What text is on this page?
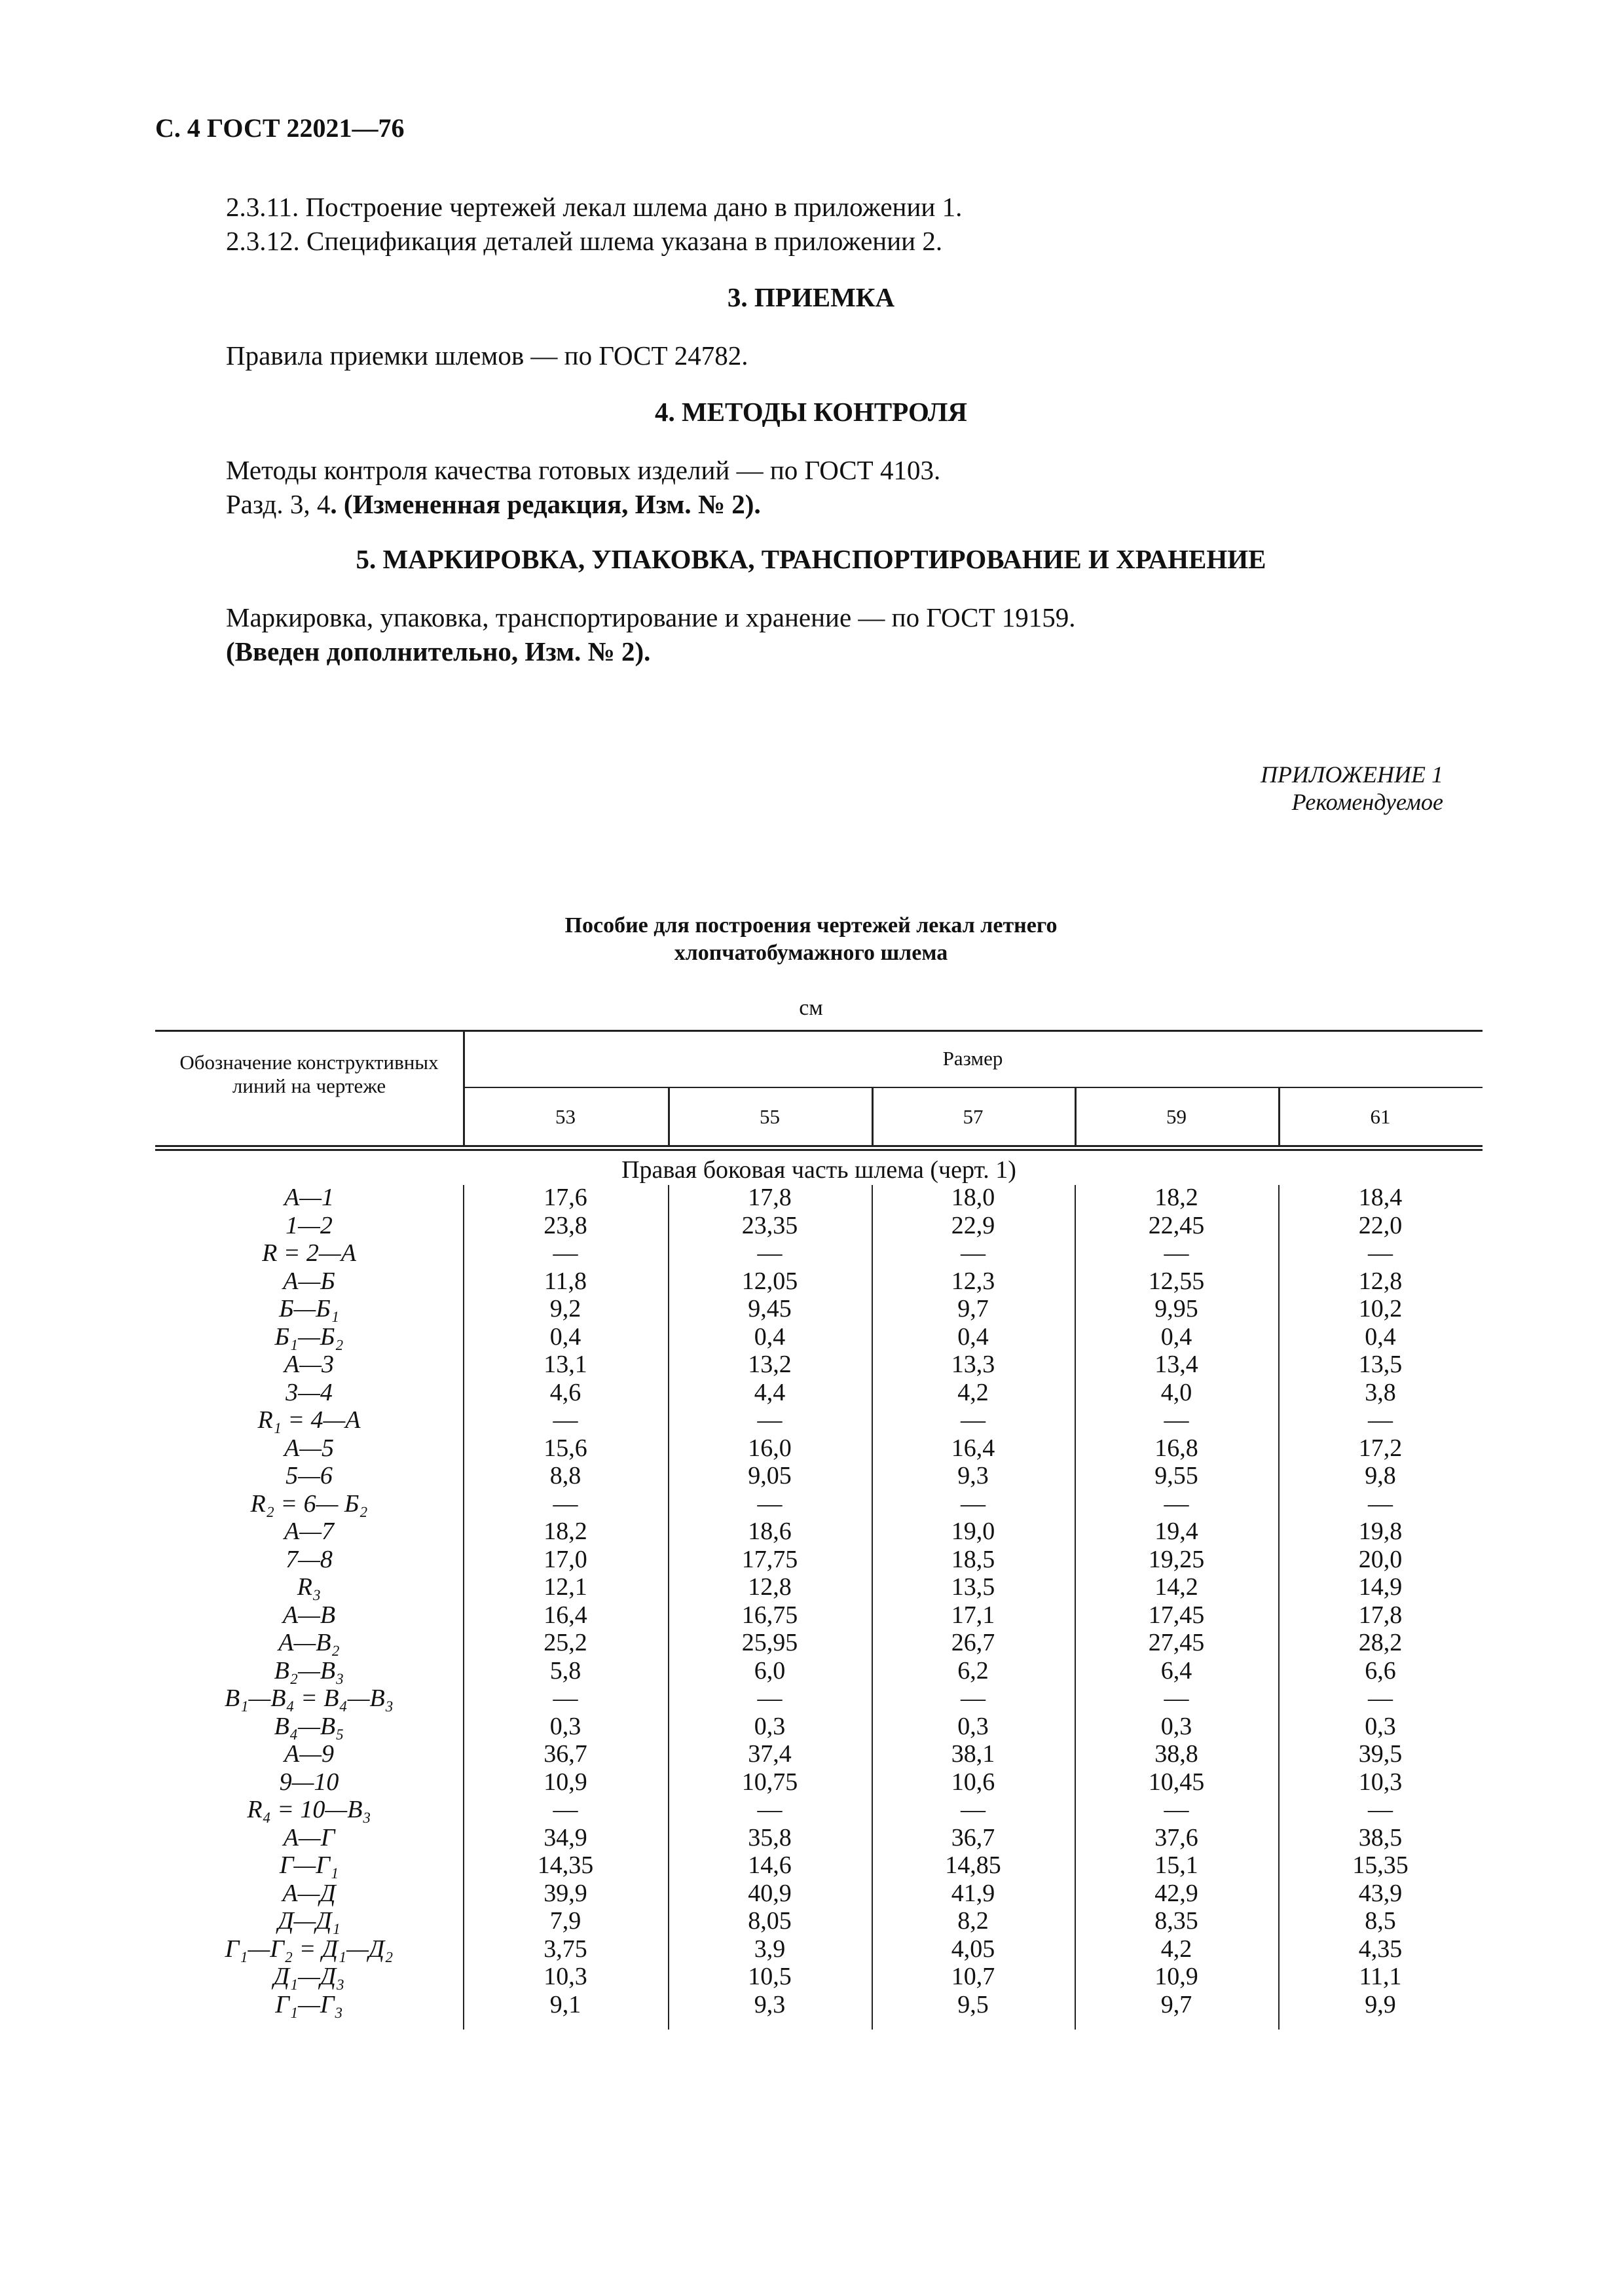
С. 4 ГОСТ 22021—76

2.3.11. Построение чертежей лекал шлема дано в приложении 1.

2.3.12. Спецификация деталей шлема указана в приложении 2.

3. ПРИЕМКА

Правила приемки шлемов — по ГОСТ 24782.

4. МЕТОДЫ КОНТРОЛЯ

Методы контроля качества готовых изделий — по ГОСТ 4103.

Разд. 3, 4. (Измененная редакция, Изм. № 2).

5. МАРКИРОВКА, УПАКОВКА, ТРАНСПОРТИРОВАНИЕ И ХРАНЕНИЕ

Маркировка, упаковка, транспортирование и хранение — по ГОСТ 19159.

(Введен дополнительно, Изм. № 2).

ПРИЛОЖЕНИЕ 1
Рекомендуемое
Пособие для построения чертежей лекал летнего
хлопчатобумажного шлема
см
Обозначение конструктивных линий на чертеже
Размер
53	55	57	59	61
Правая боковая часть шлема (черт. 1)
А—1	17,6	17,8	18,0	18,2	18,4
1—2	23,8	23,35	22,9	22,45	22,0
R = 2—A	—	—	—	—	—
А—Б	11,8	12,05	12,3	12,55	12,8
Б—Б₁	9,2	9,45	9,7	9,95	10,2
Б₁—Б₂	0,4	0,4	0,4	0,4	0,4
А—3	13,1	13,2	13,3	13,4	13,5
3—4	4,6	4,4	4,2	4,0	3,8
R₁ = 4—A	—	—	—	—	—
А—5	15,6	16,0	16,4	16,8	17,2
5—6	8,8	9,05	9,3	9,55	9,8
R₂ = 6— Б₂	—	—	—	—	—
А—7	18,2	18,6	19,0	19,4	19,8
7—8	17,0	17,75	18,5	19,25	20,0
R₃	12,1	12,8	13,5	14,2	14,9
А—В	16,4	16,75	17,1	17,45	17,8
А—В₂	25,2	25,95	26,7	27,45	28,2
В₂—В₃	5,8	6,0	6,2	6,4	6,6
В₁—В₄ = В₄—В₃	—	—	—	—	—
В₄—В₅	0,3	0,3	0,3	0,3	0,3
А—9	36,7	37,4	38,1	38,8	39,5
9—10	10,9	10,75	10,6	10,45	10,3
R₄ = 10—В₃	—	—	—	—	—
А—Г	34,9	35,8	36,7	37,6	38,5
Г—Г₁	14,35	14,6	14,85	15,1	15,35
А—Д	39,9	40,9	41,9	42,9	43,9
Д—Д₁	7,9	8,05	8,2	8,35	8,5
Г₁—Г₂ = Д₁—Д₂	3,75	3,9	4,05	4,2	4,35
Д₁—Д₃	10,3	10,5	10,7	10,9	11,1
Г₁—Г₃	9,1	9,3	9,5	9,7	9,9
